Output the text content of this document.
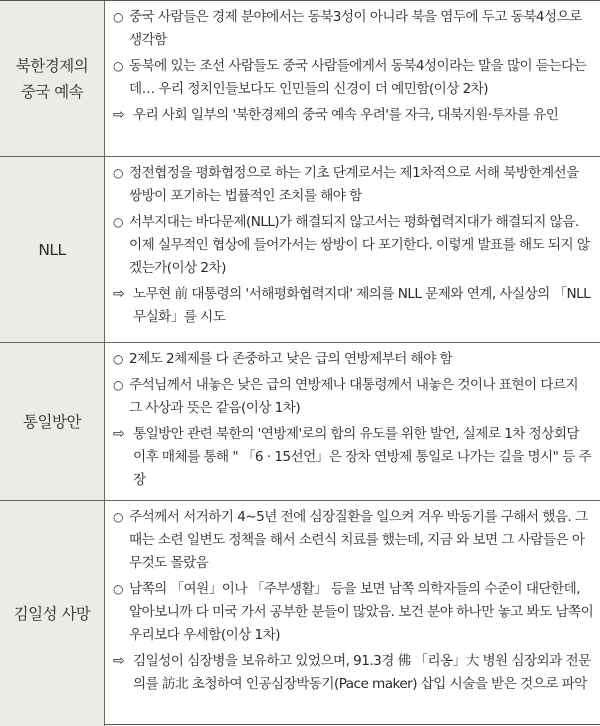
북한경제의
중국 예속
○ 중국 사람들은 경제 분야에서는 동북3성이 아니라 북을 염두에 두고 동북4성으로 생각함
○ 동북에 있는 조선 사람들도 중국 사람들에게서 동북4성이라는 말을 많이 듣는다는데… 우리 정치인들보다도 인민들의 신경이 더 예민함(이상 2차)
⇨ 우리 사회 일부의 '북한경제의 중국 예속 우려'를 자극, 대북지원·투자를 유인
NLL
○ 정전협정을 평화협정으로 하는 기초 단계로서는 제1차적으로 서해 북방한계선을 쌍방이 포기하는 법률적인 조치를 해야 함
○ 서부지대는 바다문제(NLL)가 해결되지 않고서는 평화협력지대가 해결되지 않음. 이제 실무적인 협상에 들어가서는 쌍방이 다 포기한다. 이렇게 발표를 해도 되지 않겠는가(이상 2차)
⇨ 노무현 前 대통령의 '서해평화협력지대' 제의를 NLL 문제와 연계, 사실상의 「NLL 무실화」를 시도
통일방안
○ 2제도 2체제를 다 존중하고 낮은 급의 연방제부터 해야 함
○ 주석님께서 내놓은 낮은 급의 연방제나 대통령께서 내놓은 것이나 표현이 다르지 그 사상과 뜻은 같음(이상 1차)
⇨ 통일방안 관련 북한의 '연방제'로의 합의 유도를 위한 발언, 실제로 1차 정상회담 이후 매체를 통해 " 「6 · 15선언」은 장차 연방제 통일로 나가는 길을 명시" 등 주장
김일성 사망
○ 주석께서 서거하기 4∼5년 전에 심장질환을 일으켜 겨우 박동기를 구해서 했음. 그때는 소련 일변도 정책을 해서 소련식 치료를 했는데, 지금 와 보면 그 사람들은 아무것도 몰랐음
○ 남쪽의 「여원」이나 「주부생활」 등을 보면 남쪽 의학자들의 수준이 대단한데, 알아보니까 다 미국 가서 공부한 분들이 많았음. 보건 분야 하나만 놓고 봐도 남쪽이 우리보다 우세함(이상 1차)
⇨ 김일성이 심장병을 보유하고 있었으며, 91.3경 佛 「리옹」大 병원 심장외과 전문의를 訪北 초청하여 인공심장박동기(Pace maker) 삽입 시술을 받은 것으로 파악
